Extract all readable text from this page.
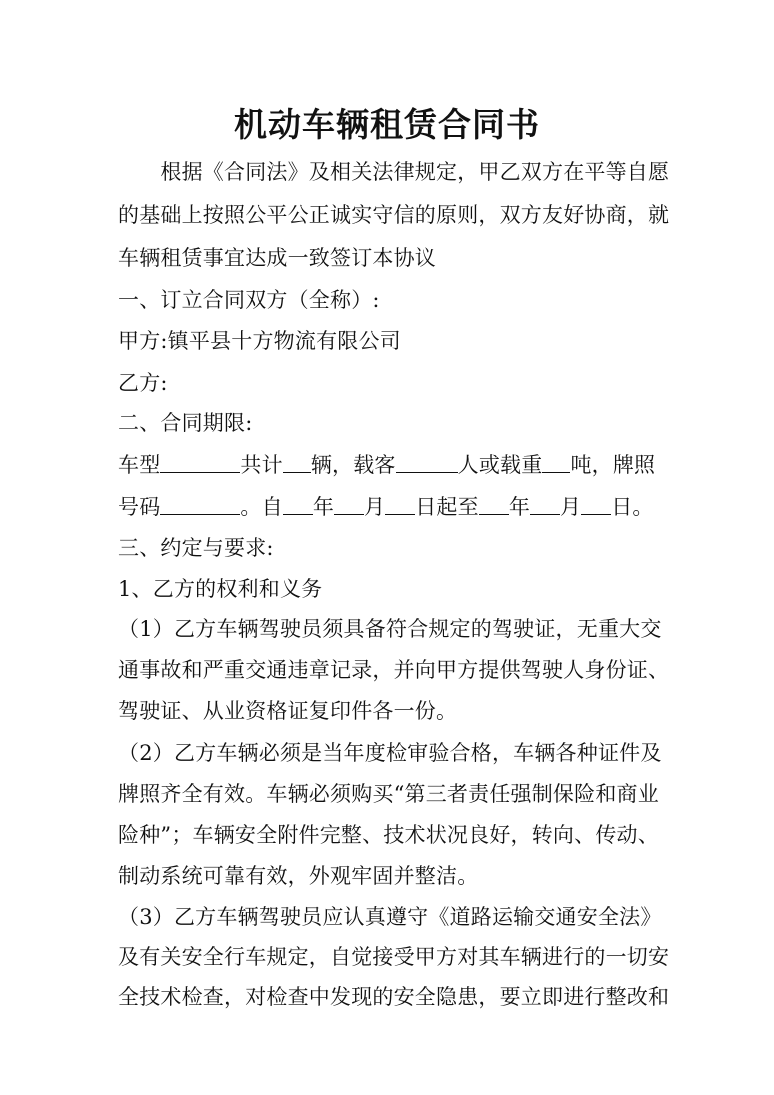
机动车辆租赁合同书
　　根据《合同法》及相关法律规定，甲乙双方在平等自愿
的基础上按照公平公正诚实守信的原则，双方友好协商，就
车辆租赁事宜达成一致签订本协议
一、订立合同双方（全称）:
甲方:镇平县十方物流有限公司
乙方:
二、合同期限:
车型	共计 辆，载客	人或载重 吨，牌照
号码	。自 年 月 日起至 年 月 日。
三、约定与要求:
1、乙方的权利和义务
（1）乙方车辆驾驶员须具备符合规定的驾驶证，无重大交
通事故和严重交通违章记录，并向甲方提供驾驶人身份证、
驾驶证、从业资格证复印件各一份。
（2）乙方车辆必须是当年度检审验合格，车辆各种证件及
牌照齐全有效。车辆必须购买“第三者责任强制保险和商业
险种”；车辆安全附件完整、技术状况良好，转向、传动、
制动系统可靠有效，外观牢固并整洁。
（3）乙方车辆驾驶员应认真遵守《道路运输交通安全法》
及有关安全行车规定，自觉接受甲方对其车辆进行的一切安
全技术检查，对检查中发现的安全隐患，要立即进行整改和
